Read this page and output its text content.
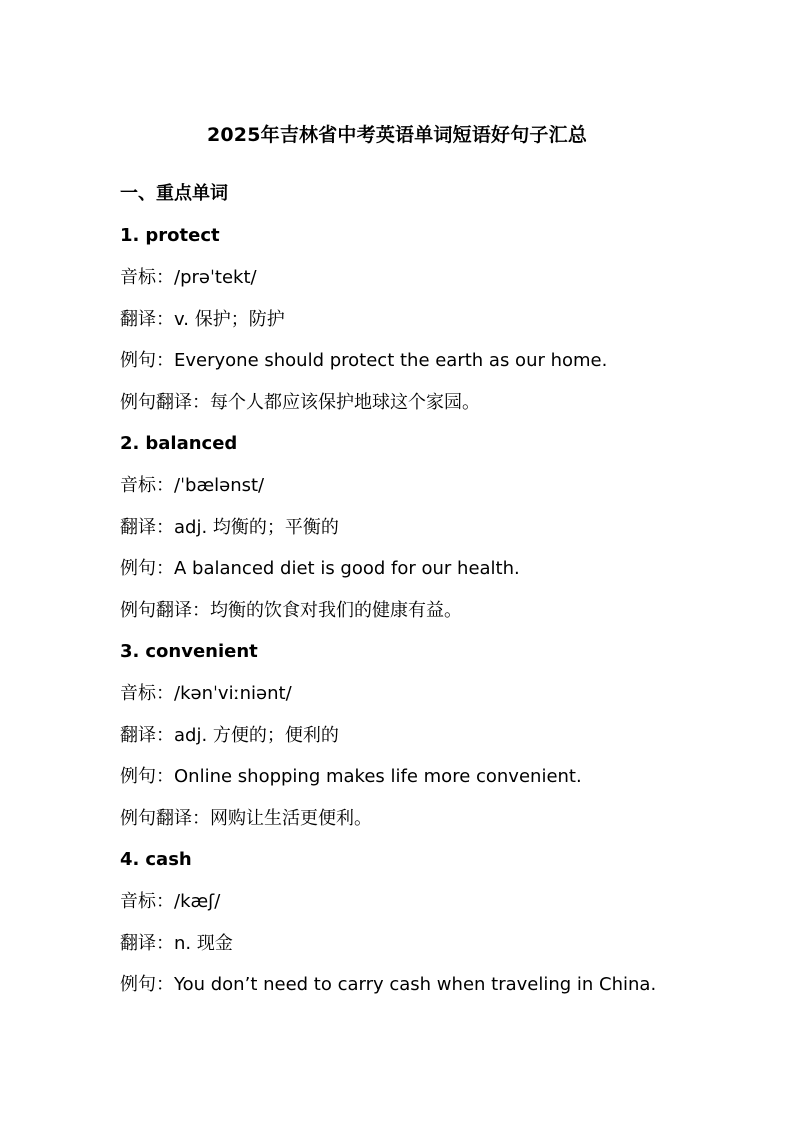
2025年吉林省中考英语单词短语好句子汇总
一、重点单词
1. protect
音标：/prəˈtekt/
翻译：v. 保护；防护
例句：Everyone should protect the earth as our home.
例句翻译：每个人都应该保护地球这个家园。
2. balanced
音标：/ˈbælənst/
翻译：adj. 均衡的；平衡的
例句：A balanced diet is good for our health.
例句翻译：均衡的饮食对我们的健康有益。
3. convenient
音标：/kənˈviːniənt/
翻译：adj. 方便的；便利的
例句：Online shopping makes life more convenient.
例句翻译：网购让生活更便利。
4. cash
音标：/kæʃ/
翻译：n. 现金
例句：You don’t need to carry cash when traveling in China.
